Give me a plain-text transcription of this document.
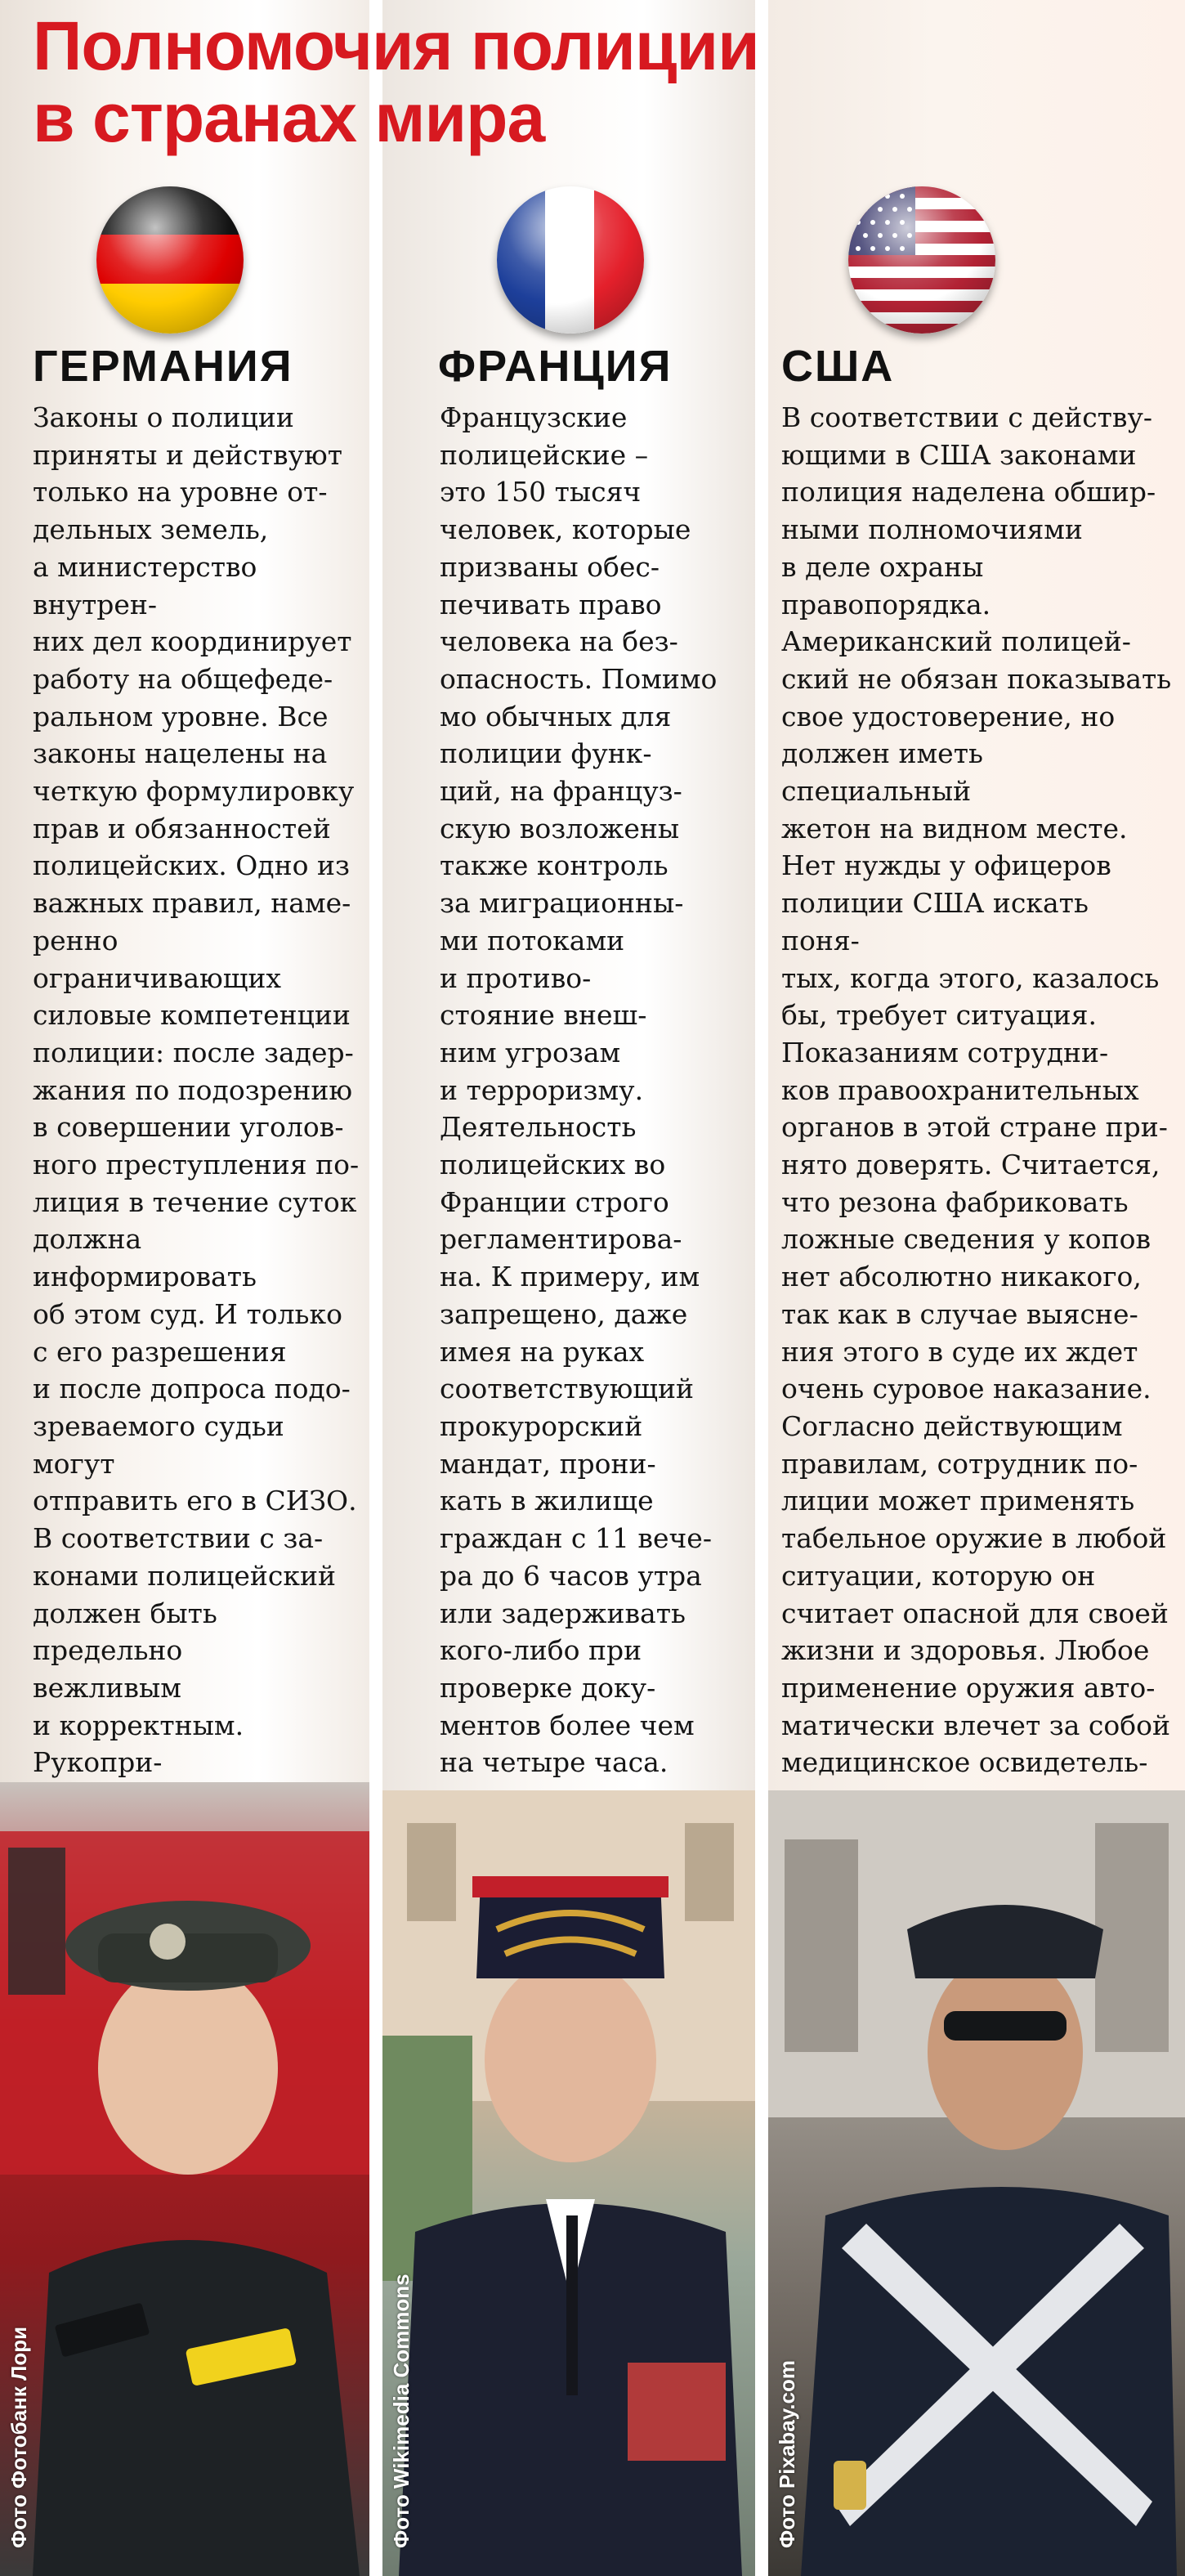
Полномочия полиции
в странах мира
ГЕРМАНИЯ	ФРАНЦИЯ США

Законы о полиции
приняты и действуют
только на уровне от-
дельных земель,
а министерство внутрен-
них дел координирует
работу на общефеде-
ральном уровне. Все
законы нацелены на
четкую формулировку
прав и обязанностей
полицейских. Одно из
важных правил, наме-
ренно ограничивающих
силовые компетенции
полиции: после задер-
жания по подозрению
в совершении уголов-
ного преступления по-
лиция в течение суток
должна информировать
об этом суд. И только
с его разрешения
и после допроса подо-
зреваемого судьи могут
отправить его в СИЗО.
В соответствии с за-
конами полицейский
должен быть предельно
вежливым
и корректным. Рукопри-

Французские
полицейские –
это 150 тысяч
человек, которые
призваны обес-
печивать право
человека на без-
опасность. Помимо
мо обычных для
полиции функ-
ций, на француз-
скую возложены
также контроль
за миграционны-
ми потоками
и противо-
стояние внеш-
ним угрозам
и терроризму.
Деятельность
полицейских во
Франции строго
регламентирова-
на. К примеру, им
запрещено, даже
имея на руках
соответствующий
прокурорский
мандат, прони-
кать в жилище
граждан с 11 вече-
ра до 6 часов утра
или задерживать
кого-либо при
проверке доку-
ментов более чем
на четыре часа.

В соответствии с действу-
ющими в США законами
полиция наделена обшир-
ными полномочиями
в деле охраны правопорядка.
Американский полицей-
ский не обязан показывать
свое удостоверение, но
должен иметь специальный
жетон на видном месте.
Нет нужды у офицеров
полиции США искать поня-
тых, когда этого, казалось
бы, требует ситуация.
Показаниям сотрудни-
ков правоохранительных
органов в этой стране при-
нято доверять. Считается,
что резона фабриковать
ложные сведения у копов
нет абсолютно никакого,
так как в случае выясне-
ния этого в суде их ждет
очень суровое наказание.
Согласно действующим
правилам, сотрудник по-
лиции может применять
табельное оружие в любой
ситуации, которую он
считает опасной для своей
жизни и здоровья. Любое
применение оружия авто-
матически влечет за собой
медицинское освидетель-

Фото Фотобанк Лори	Фото Wikimedia Commons	Фото Pixabay.com
